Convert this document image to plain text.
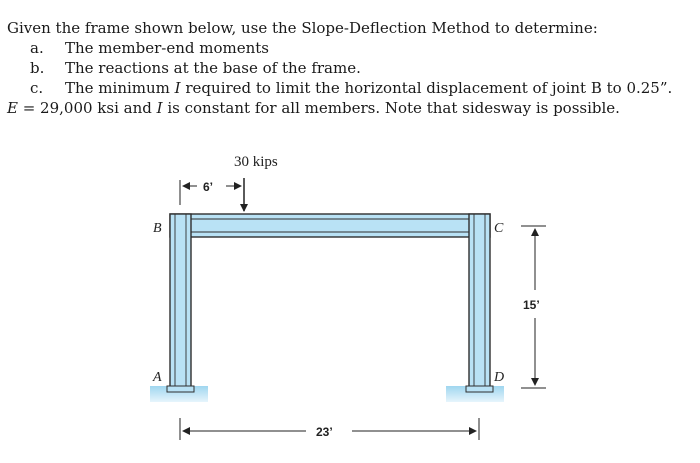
Given the frame shown below, use the Slope-Deflection Method to determine:

a.	The member-end moments
b.	The reactions at the base of the frame.
c.	The minimum I required to limit the horizontal displacement of joint B to 0.25”.

E = 29,000 ksi and I is constant for all members. Note that sidesway is possible.

B	C
A	D
30 kips
6’
15’
23’
